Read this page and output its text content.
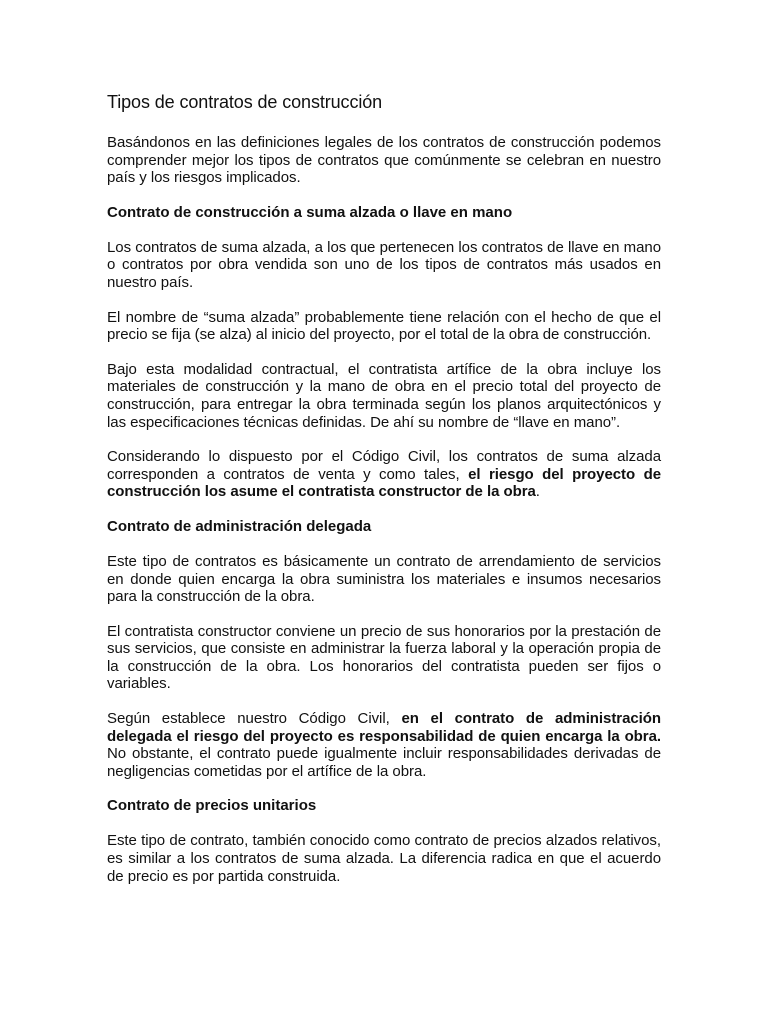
Tipos de contratos de construcción

Basándonos en las definiciones legales de los contratos de construcción podemos comprender mejor los tipos de contratos que comúnmente se celebran en nuestro país y los riesgos implicados.

Contrato de construcción a suma alzada o llave en mano

Los contratos de suma alzada, a los que pertenecen los contratos de llave en mano o contratos por obra vendida son uno de los tipos de contratos más usados en nuestro país.

El nombre de “suma alzada” probablemente tiene relación con el hecho de que el precio se fija (se alza) al inicio del proyecto, por el total de la obra de construcción.

Bajo esta modalidad contractual, el contratista artífice de la obra incluye los materiales de construcción y la mano de obra en el precio total del proyecto de construcción, para entregar la obra terminada según los planos arquitectónicos y las especificaciones técnicas definidas. De ahí su nombre de “llave en mano”.

Considerando lo dispuesto por el Código Civil, los contratos de suma alzada corresponden a contratos de venta y como tales, el riesgo del proyecto de construcción los asume el contratista constructor de la obra.

Contrato de administración delegada

Este tipo de contratos es básicamente un contrato de arrendamiento de servicios en donde quien encarga la obra suministra los materiales e insumos necesarios para la construcción de la obra.

El contratista constructor conviene un precio de sus honorarios por la prestación de sus servicios, que consiste en administrar la fuerza laboral y la operación propia de la construcción de la obra. Los honorarios del contratista pueden ser fijos o variables.

Según establece nuestro Código Civil, en el contrato de administración delegada el riesgo del proyecto es responsabilidad de quien encarga la obra. No obstante, el contrato puede igualmente incluir responsabilidades derivadas de negligencias cometidas por el artífice de la obra.

Contrato de precios unitarios

Este tipo de contrato, también conocido como contrato de precios alzados relativos, es similar a los contratos de suma alzada. La diferencia radica en que el acuerdo de precio es por partida construida.
